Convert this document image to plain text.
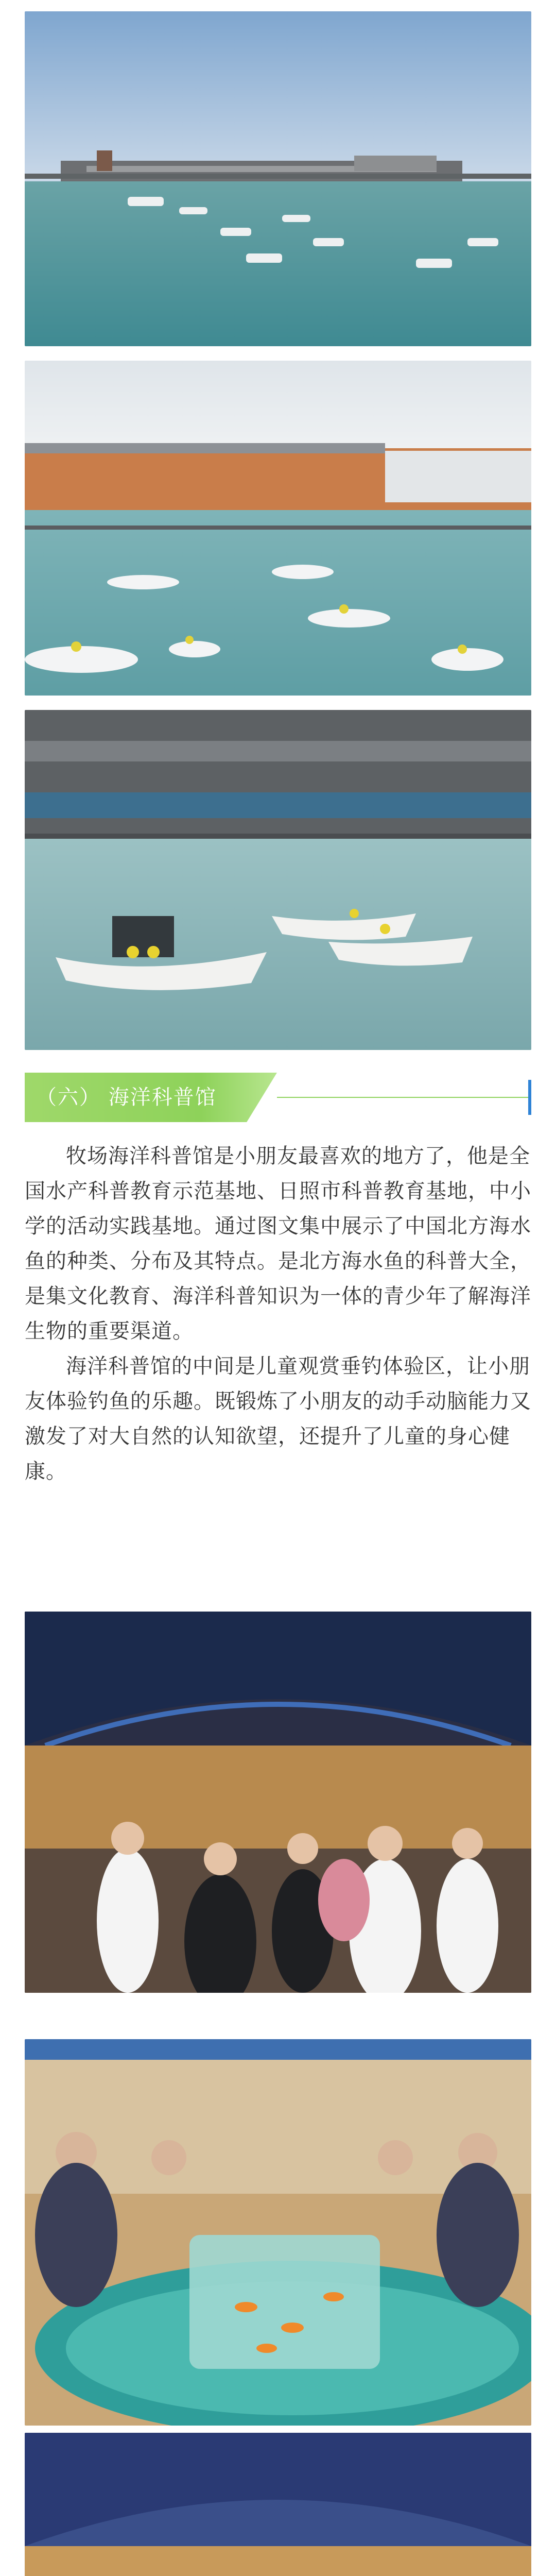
（六） 海洋科普馆

牧场海洋科普馆是小朋友最喜欢的地方了，他是全国水产科普教育示范基地、日照市科普教育基地，中小学的活动实践基地。通过图文集中展示了中国北方海水鱼的种类、分布及其特点。是北方海水鱼的科普大全，是集文化教育、海洋科普知识为一体的青少年了解海洋生物的重要渠道。

海洋科普馆的中间是儿童观赏垂钓体验区，让小朋友体验钓鱼的乐趣。既锻炼了小朋友的动手动脑能力又激发了对大自然的认知欲望，还提升了儿童的身心健康。
